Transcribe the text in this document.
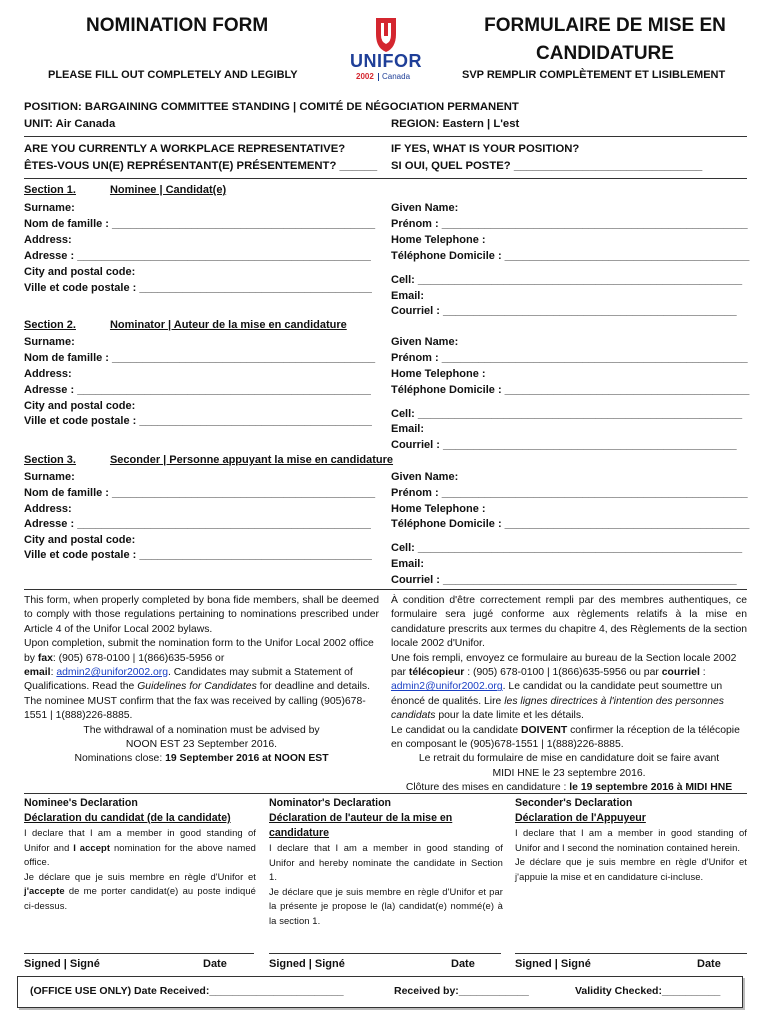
NOMINATION FORM
PLEASE FILL OUT COMPLETELY AND LEGIBLY
UNIFOR
2002 Canada
FORMULAIRE DE MISE EN
CANDIDATURE
SVP REMPLIR COMPLÈTEMENT ET LISIBLEMENT
POSITION: BARGAINING COMMITTEE STANDING | COMITÉ DE NÉGOCIATION PERMANENT
UNIT: Air Canada	REGION: Eastern | L'est
ARE YOU CURRENTLY A WORKPLACE REPRESENTATIVE?
ÊTES-VOUS UN(E) REPRÉSENTANT(E) PRÉSENTEMENT? ______
IF YES, WHAT IS YOUR POSITION?
SI OUI, QUEL POSTE? ______________________________
Section 1.	Nominee | Candidat(e)
Surname:
Nom de famille : ___________________________________________
Address:
Adresse : ________________________________________________
City and postal code:
Ville et code postale : ______________________________________
Given Name:
Prénom : __________________________________________________
Home Telephone :
Téléphone Domicile : ________________________________________
Cell: _____________________________________________________
Email:
Courriel : ________________________________________________
Section 2.	Nominator | Auteur de la mise en candidature
Surname:
Nom de famille : ___________________________________________
Address:
Adresse : ________________________________________________
City and postal code:
Ville et code postale : ______________________________________
Given Name:
Prénom : __________________________________________________
Home Telephone :
Téléphone Domicile : ________________________________________
Cell: _____________________________________________________
Email:
Courriel : ________________________________________________
Section 3.	Seconder | Personne appuyant la mise en candidature
Surname:
Nom de famille : ___________________________________________
Address:
Adresse : ________________________________________________
City and postal code:
Ville et code postale : ______________________________________
Given Name:
Prénom : __________________________________________________
Home Telephone :
Téléphone Domicile : ________________________________________
Cell: _____________________________________________________
Email:
Courriel : ________________________________________________

This form, when properly completed by bona fide members, shall be deemed to comply with those regulations pertaining to nominations prescribed under Article 4 of the Unifor Local 2002 bylaws.

Upon completion, submit the nomination form to the Unifor Local 2002 office by fax: (905) 678-0100 | 1(866)635-5956 or

email: admin2@unifor2002.org. Candidates may submit a Statement of Qualifications. Read the Guidelines for Candidates for deadline and details.

The nominee MUST confirm that the fax was received by calling (905)678-1551 | 1(888)226-8885.

The withdrawal of a nomination must be advised by

NOON EST 23 September 2016.

Nominations close: 19 September 2016 at NOON EST

À condition d'être correctement rempli par des membres authentiques, ce formulaire sera jugé conforme aux règlements relatifs à la mise en candidature prescrits aux termes du chapitre 4, des Règlements de la section locale 2002 d'Unifor.

Une fois rempli, envoyez ce formulaire au bureau de la Section locale 2002 par télécopieur : (905) 678-0100 | 1(866)635-5956 ou par courriel : admin2@unifor2002.org. Le candidat ou la candidate peut soumettre un énoncé de qualités. Lire les lignes directrices à l'intention des personnes candidats pour la date limite et les détails.

Le candidat ou la candidate DOIVENT confirmer la réception de la télécopie en composant le (905)678-1551 | 1(888)226-8885.

Le retrait du formulaire de mise en candidature doit se faire avant

MIDI HNE le 23 septembre 2016.

Clôture des mises en candidature : le 19 septembre 2016 à MIDI HNE

Nominee's Declaration
Déclaration du candidat (de la candidate)
I declare that I am a member in good standing of Unifor and I accept nomination for the above named office.
Je déclare que je suis membre en règle d'Unifor et j'accepte de me porter candidat(e) au poste indiqué ci-dessus.
Nominator's Declaration
Déclaration de l'auteur de la mise en candidature
I declare that I am a member in good standing of Unifor and hereby nominate the candidate in Section 1.
Je déclare que je suis membre en règle d'Unifor et par la présente je propose le (la) candidat(e) nommé(e) à la section 1.
Seconder's Declaration
Déclaration de l'Appuyeur
I declare that I am a member in good standing of Unifor and I second the nomination contained herein.
Je déclare que je suis membre en règle d'Unifor et j'appuie la mise et en candidature ci-incluse.
Signed | Signé	Date	Signed | Signé	Date	Signed | Signé	Date
(OFFICE USE ONLY) Date Received:_______________________	Received by:____________	Validity Checked:__________
